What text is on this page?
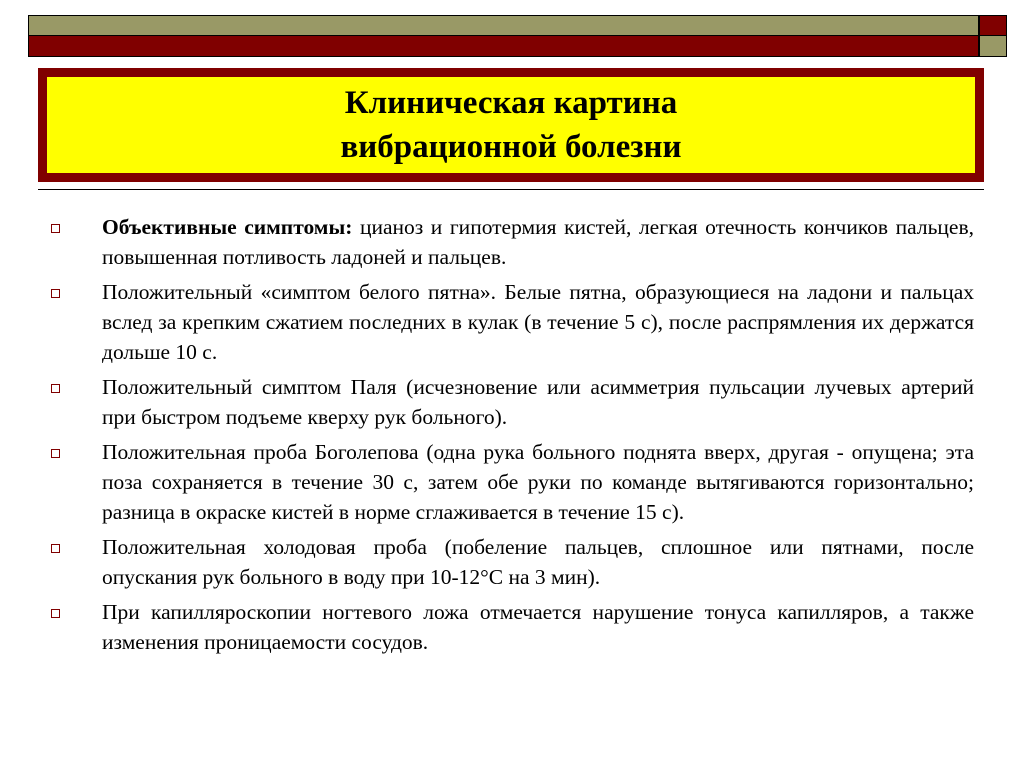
Клиническая картина
вибрационной болезни
Объективные симптомы: цианоз и гипотермия кистей, легкая отечность кончиков пальцев, повышенная потливость ладоней и пальцев.
Положительный «симптом белого пятна». Белые пятна, образующиеся на ладони и пальцах вслед за крепким сжатием последних в кулак (в течение 5 с), после распрямления их держатся дольше 10 с.
Положительный симптом Паля (исчезновение или асимметрия пульсации лучевых артерий при быстром подъеме кверху рук больного).
Положительная проба Боголепова (одна рука больного поднята вверх, другая - опущена; эта поза сохраняется в течение 30 с, затем обе руки по команде вытягиваются горизонтально; разница в окраске кистей в норме сглаживается в течение 15 с).
Положительная холодовая проба (побеление пальцев, сплошное или пятнами, после опускания рук больного в воду при 10-12°С на 3 мин).
При капилляроскопии ногтевого ложа отмечается нарушение тонуса капилляров, а также изменения проницаемости сосудов.
